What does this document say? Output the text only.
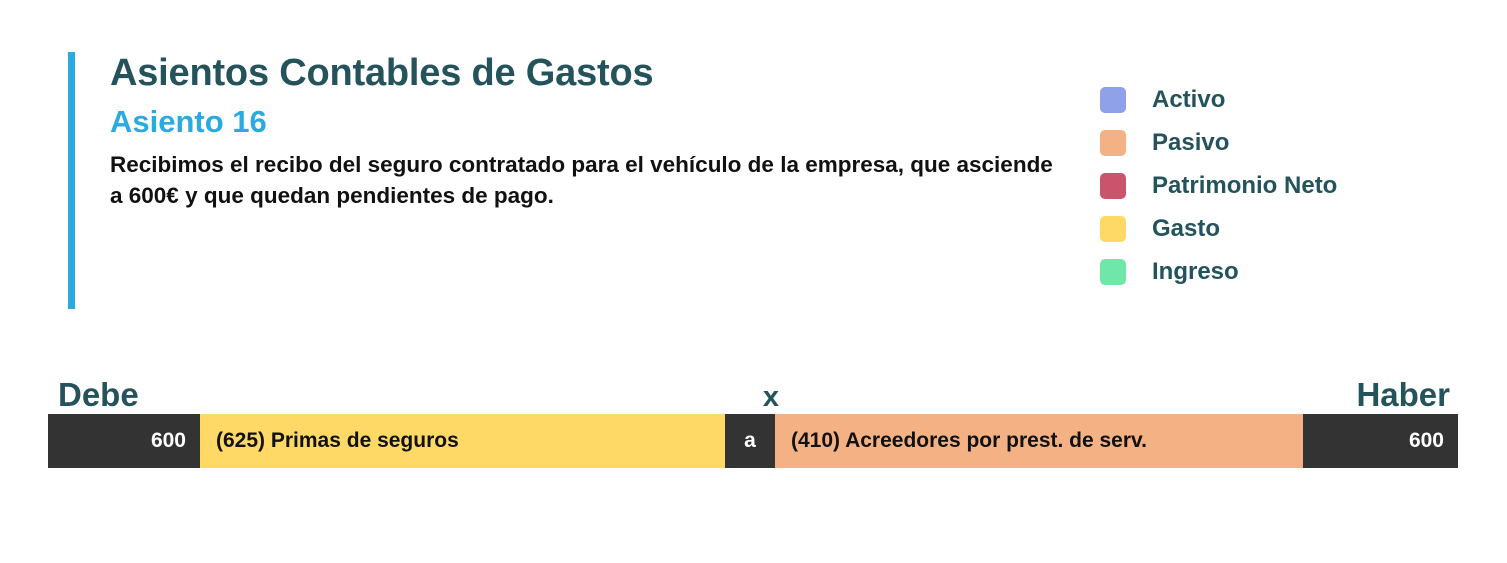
Asientos Contables de Gastos
Asiento 16
Recibimos el recibo del seguro contratado para el vehículo de la empresa, que asciende a 600€ y que quedan pendientes de pago.
Activo
Pasivo
Patrimonio Neto
Gasto
Ingreso
Debe	x	Haber
600	(625) Primas de seguros	a	(410) Acreedores por prest. de serv.	600
